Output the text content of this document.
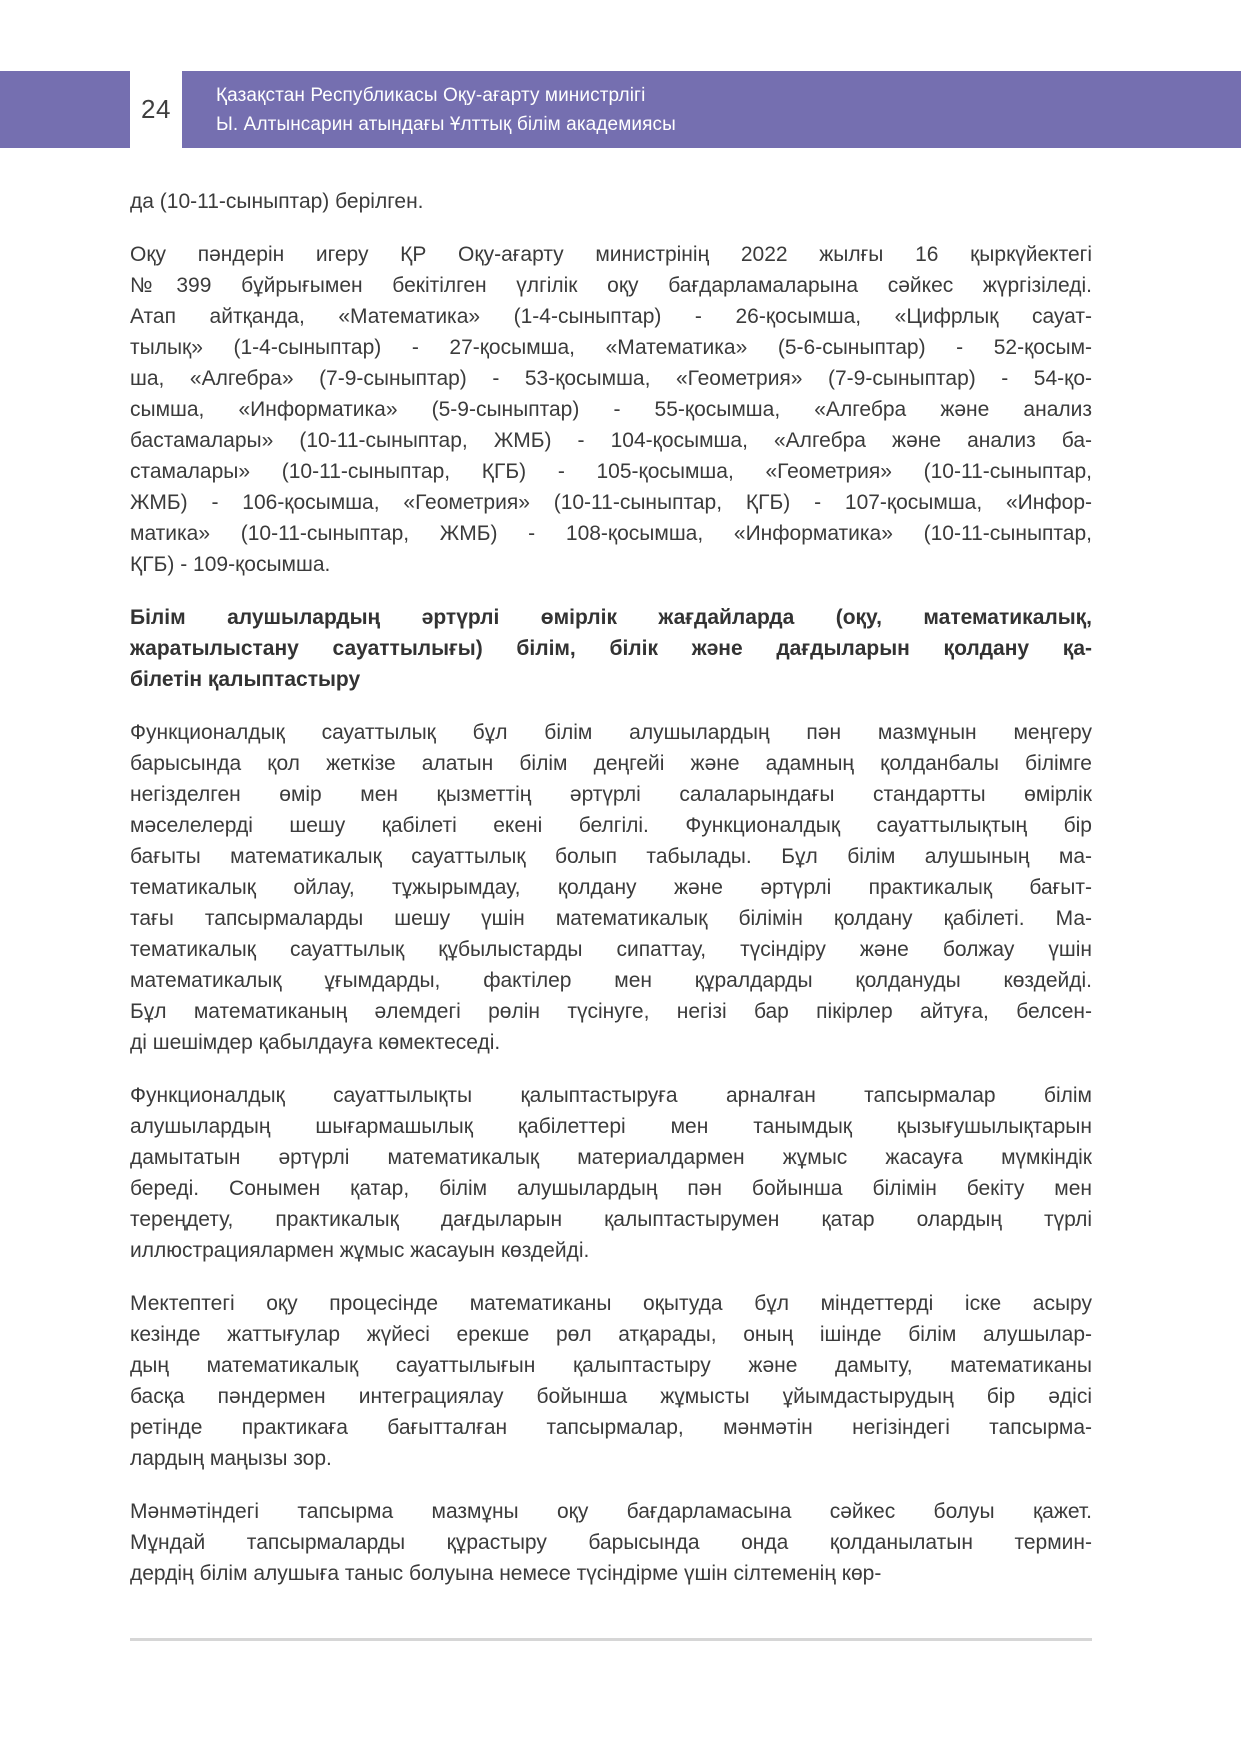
24 Қазақстан Республикасы Оқу-ағарту министрлігі
Ы. Алтынсарин атындағы Ұлттық білім академиясы
да (10-11-сыныптар) берілген.
Оқу пәндерін игеру ҚР Оқу-ағарту министрінің 2022 жылғы 16 қыркүйектегі
№399 бұйрығымен бекітілген үлгілік оқу бағдарламаларына сәйкес жүргізіледі.
Атап айтқанда, «Математика» (1-4-сыныптар) - 26-қосымша, «Цифрлық сауат-
тылық» (1-4-сыныптар) - 27-қосымша, «Математика» (5-6-сыныптар) - 52-қосым-
ша, «Алгебра» (7-9-сыныптар) - 53-қосымша, «Геометрия» (7-9-сыныптар) - 54-қо-
сымша, «Информатика» (5-9-сыныптар) - 55-қосымша, «Алгебра және анализ
бастамалары» (10-11-сыныптар, ЖМБ) - 104-қосымша, «Алгебра және анализ ба-
стамалары» (10-11-сыныптар, ҚГБ) - 105-қосымша, «Геометрия» (10-11-сыныптар,
ЖМБ) - 106-қосымша, «Геометрия» (10-11-сыныптар, ҚГБ) - 107-қосымша, «Инфор-
матика» (10-11-сыныптар, ЖМБ) - 108-қосымша, «Информатика» (10-11-сыныптар,
ҚГБ) - 109-қосымша.
Білім алушылардың әртүрлі өмірлік жағдайларда (оқу, математикалық,
жаратылыстану сауаттылығы) білім, білік және дағдыларын қолдану қа-
білетін қалыптастыру
Функционалдық сауаттылық бұл білім алушылардың пән мазмұнын меңгеру
барысында қол жеткізе алатын білім деңгейі және адамның қолданбалы білімге
негізделген өмір мен қызметтің әртүрлі салаларындағы стандартты өмірлік
мәселелерді шешу қабілеті екені белгілі. Функционалдық сауаттылықтың бір
бағыты математикалық сауаттылық болып табылады. Бұл білім алушының ма-
тематикалық ойлау, тұжырымдау, қолдану және әртүрлі практикалық бағыт-
тағы тапсырмаларды шешу үшін математикалық білімін қолдану қабілеті. Ма-
тематикалық сауаттылық құбылыстарды сипаттау, түсіндіру және болжау үшін
математикалық ұғымдарды, фактілер мен құралдарды қолдануды көздейді.
Бұл математиканың әлемдегі рөлін түсінуге, негізі бар пікірлер айтуға, белсен-
ді шешімдер қабылдауға көмектеседі.
Функционалдық сауаттылықты қалыптастыруға арналған тапсырмалар білім
алушылардың шығармашылық қабілеттері мен танымдық қызығушылықтарын
дамытатын әртүрлі математикалық материалдармен жұмыс жасауға мүмкіндік
береді. Сонымен қатар, білім алушылардың пән бойынша білімін бекіту мен
тереңдету, практикалық дағдыларын қалыптастырумен қатар олардың түрлі
иллюстрациялармен жұмыс жасауын көздейді.
Мектептегі оқу процесінде математиканы оқытуда бұл міндеттерді іске асыру
кезінде жаттығулар жүйесі ерекше рөл атқарады, оның ішінде білім алушылар-
дың математикалық сауаттылығын қалыптастыру және дамыту, математиканы
басқа пәндермен интеграциялау бойынша жұмысты ұйымдастырудың бір әдісі
ретінде практикаға бағытталған тапсырмалар, мәнмәтін негізіндегі тапсырма-
лардың маңызы зор.
Мәнмәтіндегі тапсырма мазмұны оқу бағдарламасына сәйкес болуы қажет.
Мұндай тапсырмаларды құрастыру барысында онда қолданылатын термин-
дердің білім алушыға таныс болуына немесе түсіндірме үшін сілтеменің көр-
